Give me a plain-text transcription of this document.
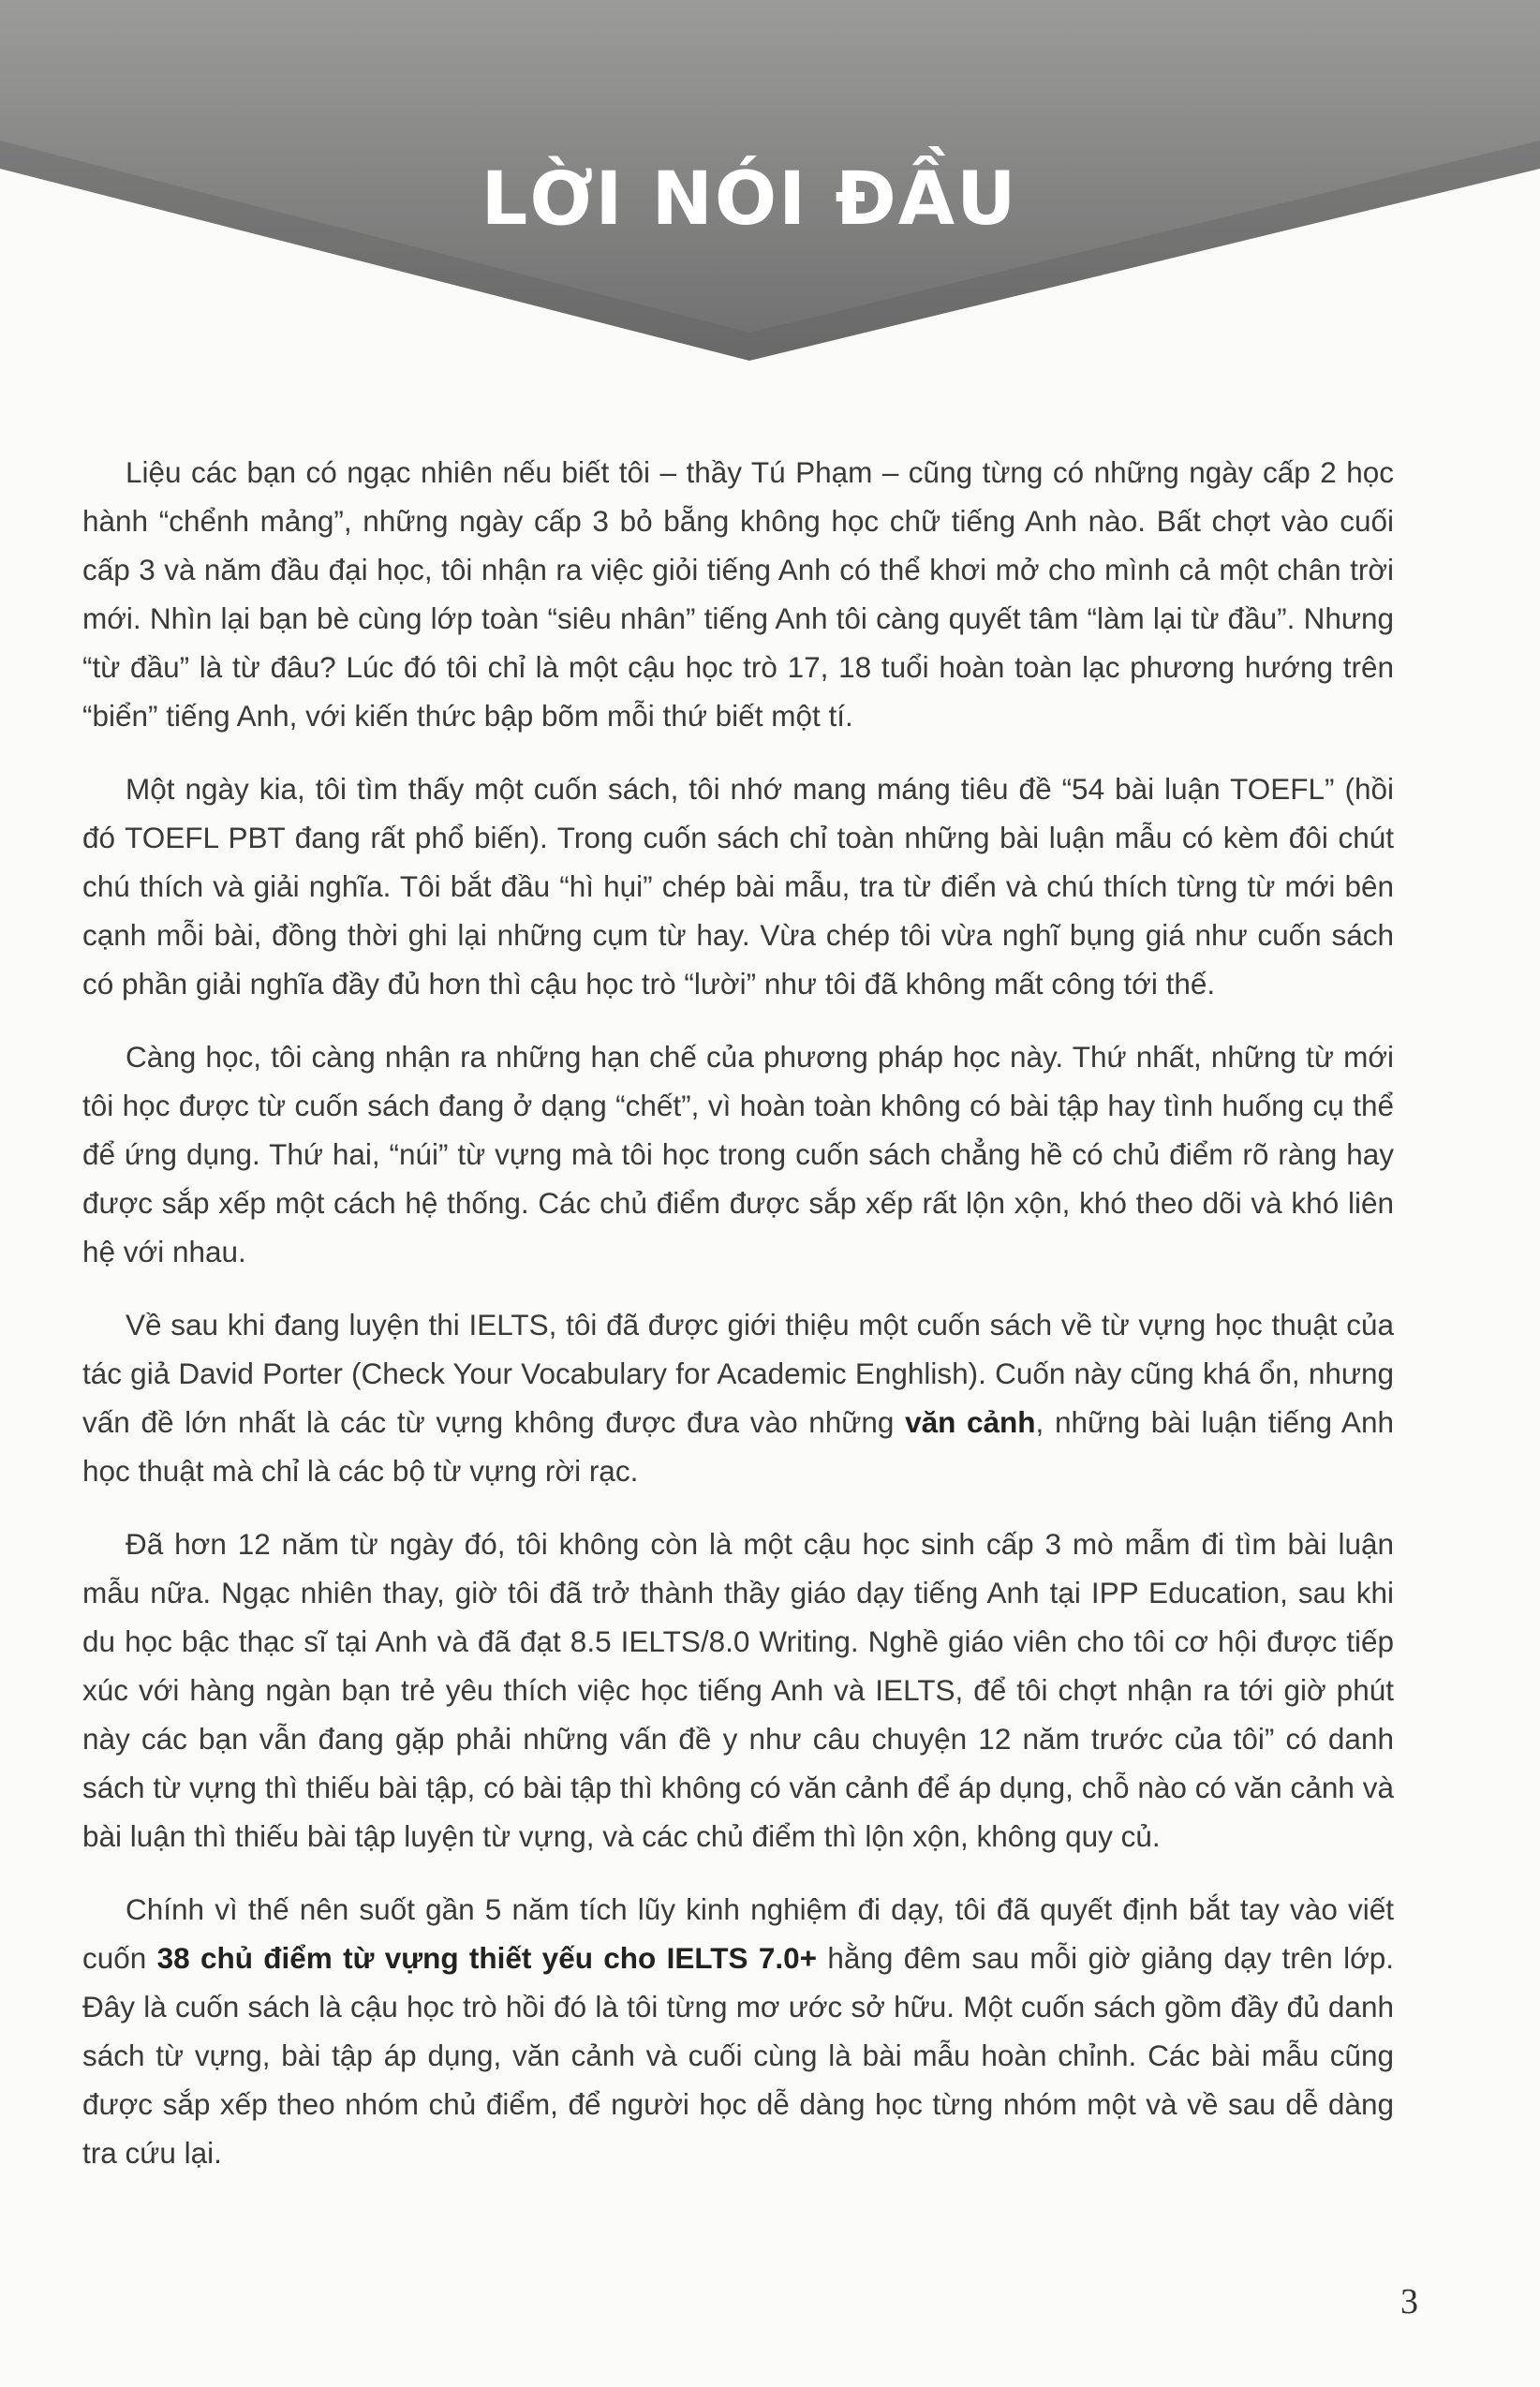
LỜI NÓI ĐẦU

Liệu các bạn có ngạc nhiên nếu biết tôi – thầy Tú Phạm – cũng từng có những ngày cấp 2 học hành “chểnh mảng”, những ngày cấp 3 bỏ bẵng không học chữ tiếng Anh nào. Bất chợt vào cuối cấp 3 và năm đầu đại học, tôi nhận ra việc giỏi tiếng Anh có thể khơi mở cho mình cả một chân trời mới. Nhìn lại bạn bè cùng lớp toàn “siêu nhân” tiếng Anh tôi càng quyết tâm “làm lại từ đầu”. Nhưng “từ đầu” là từ đâu? Lúc đó tôi chỉ là một cậu học trò 17, 18 tuổi hoàn toàn lạc phương hướng trên “biển” tiếng Anh, với kiến thức bập bõm mỗi thứ biết một tí.

Một ngày kia, tôi tìm thấy một cuốn sách, tôi nhớ mang máng tiêu đề “54 bài luận TOEFL” (hồi đó TOEFL PBT đang rất phổ biến). Trong cuốn sách chỉ toàn những bài luận mẫu có kèm đôi chút chú thích và giải nghĩa. Tôi bắt đầu “hì hụi” chép bài mẫu, tra từ điển và chú thích từng từ mới bên cạnh mỗi bài, đồng thời ghi lại những cụm từ hay. Vừa chép tôi vừa nghĩ bụng giá như cuốn sách có phần giải nghĩa đầy đủ hơn thì cậu học trò “lười” như tôi đã không mất công tới thế.

Càng học, tôi càng nhận ra những hạn chế của phương pháp học này. Thứ nhất, những từ mới tôi học được từ cuốn sách đang ở dạng “chết”, vì hoàn toàn không có bài tập hay tình huống cụ thể để ứng dụng. Thứ hai, “núi” từ vựng mà tôi học trong cuốn sách chẳng hề có chủ điểm rõ ràng hay được sắp xếp một cách hệ thống. Các chủ điểm được sắp xếp rất lộn xộn, khó theo dõi và khó liên hệ với nhau.

Về sau khi đang luyện thi IELTS, tôi đã được giới thiệu một cuốn sách về từ vựng học thuật của tác giả David Porter (Check Your Vocabulary for Academic Enghlish). Cuốn này cũng khá ổn, nhưng vấn đề lớn nhất là các từ vựng không được đưa vào những văn cảnh, những bài luận tiếng Anh học thuật mà chỉ là các bộ từ vựng rời rạc.

Đã hơn 12 năm từ ngày đó, tôi không còn là một cậu học sinh cấp 3 mò mẫm đi tìm bài luận mẫu nữa. Ngạc nhiên thay, giờ tôi đã trở thành thầy giáo dạy tiếng Anh tại IPP Education, sau khi du học bậc thạc sĩ tại Anh và đã đạt 8.5 IELTS/8.0 Writing. Nghề giáo viên cho tôi cơ hội được tiếp xúc với hàng ngàn bạn trẻ yêu thích việc học tiếng Anh và IELTS, để tôi chợt nhận ra tới giờ phút này các bạn vẫn đang gặp phải những vấn đề y như câu chuyện 12 năm trước của tôi” có danh sách từ vựng thì thiếu bài tập, có bài tập thì không có văn cảnh để áp dụng, chỗ nào có văn cảnh và bài luận thì thiếu bài tập luyện từ vựng, và các chủ điểm thì lộn xộn, không quy củ.

Chính vì thế nên suốt gần 5 năm tích lũy kinh nghiệm đi dạy, tôi đã quyết định bắt tay vào viết cuốn 38 chủ điểm từ vựng thiết yếu cho IELTS 7.0+ hằng đêm sau mỗi giờ giảng dạy trên lớp. Đây là cuốn sách là cậu học trò hồi đó là tôi từng mơ ước sở hữu. Một cuốn sách gồm đầy đủ danh sách từ vựng, bài tập áp dụng, văn cảnh và cuối cùng là bài mẫu hoàn chỉnh. Các bài mẫu cũng được sắp xếp theo nhóm chủ điểm, để người học dễ dàng học từng nhóm một và về sau dễ dàng tra cứu lại.

3
